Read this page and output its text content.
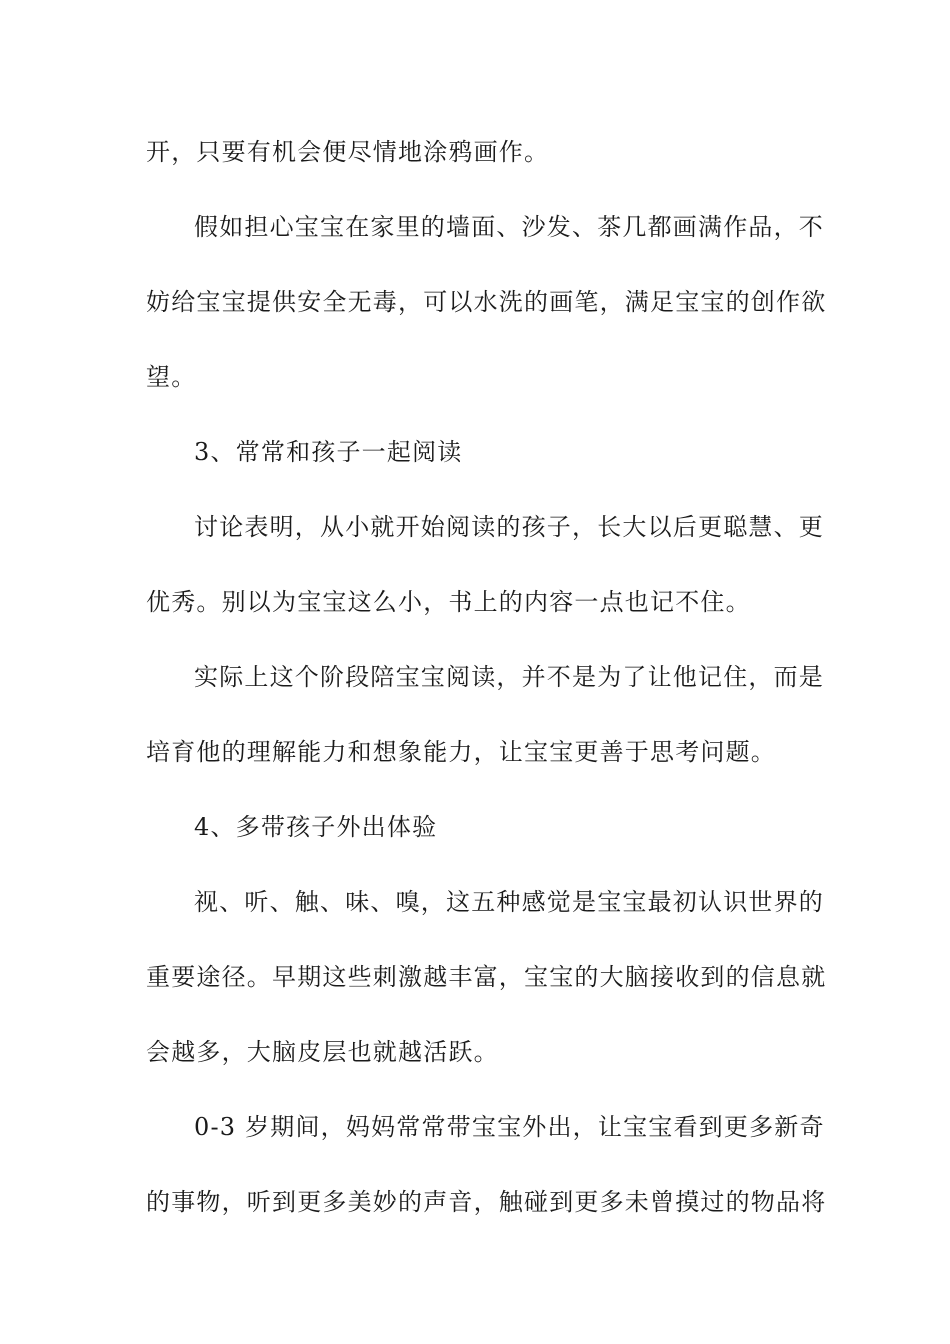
开，只要有机会便尽情地涂鸦画作。
假如担心宝宝在家里的墙面、沙发、茶几都画满作品，不
妨给宝宝提供安全无毒，可以水洗的画笔，满足宝宝的创作欲
望。
3、常常和孩子一起阅读
讨论表明，从小就开始阅读的孩子，长大以后更聪慧、更
优秀。别以为宝宝这么小，书上的内容一点也记不住。
实际上这个阶段陪宝宝阅读，并不是为了让他记住，而是
培育他的理解能力和想象能力，让宝宝更善于思考问题。
4、多带孩子外出体验
视、听、触、味、嗅，这五种感觉是宝宝最初认识世界的
重要途径。早期这些刺激越丰富，宝宝的大脑接收到的信息就
会越多，大脑皮层也就越活跃。
0-3 岁期间，妈妈常常带宝宝外出，让宝宝看到更多新奇
的事物，听到更多美妙的声音，触碰到更多未曾摸过的物品将
